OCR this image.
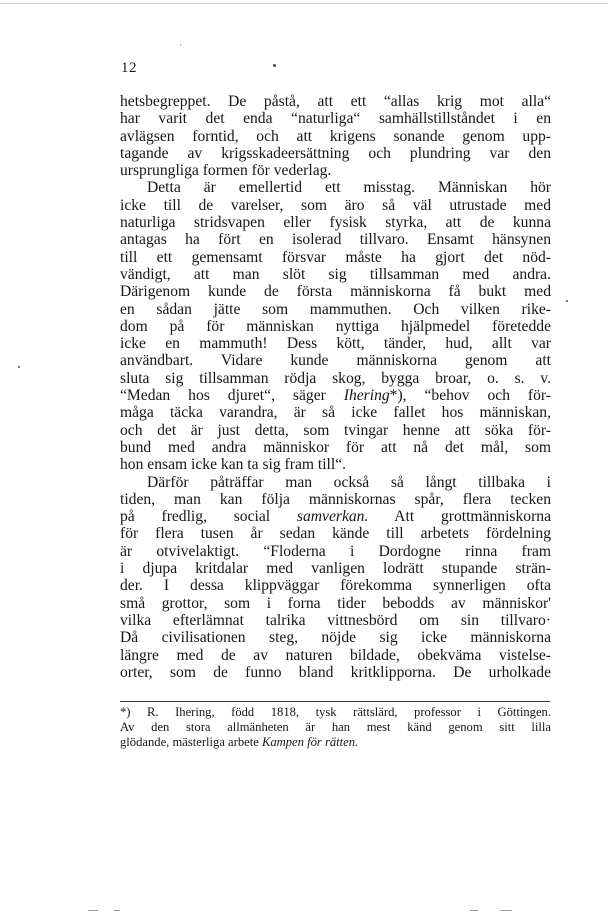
12
hetsbegreppet. De påstå, att ett “allas krig mot alla“
har varit det enda “naturliga“ samhällstillståndet i en
avlägsen forntid, och att krigens sonande genom upp-
tagande av krigsskadeersättning och plundring var den
ursprungliga formen för vederlag.
Detta är emellertid ett misstag. Människan hör
icke till de varelser, som äro så väl utrustade med
naturliga stridsvapen eller fysisk styrka, att de kunna
antagas ha fört en isolerad tillvaro. Ensamt hänsynen
till ett gemensamt försvar måste ha gjort det nöd-
vändigt, att man slöt sig tillsamman med andra.
Därigenom kunde de första människorna få bukt med
en sådan jätte som mammuthen. Och vilken rike-
dom på för människan nyttiga hjälpmedel företedde
icke en mammuth! Dess kött, tänder, hud, allt var
användbart. Vidare kunde människorna genom att
sluta sig tillsamman rödja skog, bygga broar, o. s. v.
“Medan hos djuret“, säger Ihering*), “behov och för-
måga täcka varandra, är så icke fallet hos människan,
och det är just detta, som tvingar henne att söka för-
bund med andra människor för att nå det mål, som
hon ensam icke kan ta sig fram till“.
Därför påträffar man också så långt tillbaka i
tiden, man kan följa människornas spår, flera tecken
på fredlig, social samverkan. Att grottmänniskorna
för flera tusen år sedan kände till arbetets fördelning
är otvivelaktigt. “Floderna i Dordogne rinna fram
i djupa kritdalar med vanligen lodrätt stupande strän-
der. I dessa klippväggar förekomma synnerligen ofta
små grottor, som i forna tider bebodds av människor'
vilka efterlämnat talrika vittnesbörd om sin tillvaro·
Då civilisationen steg, nöjde sig icke människorna
längre med de av naturen bildade, obekväma vistelse-
orter, som de funno bland kritklipporna. De urholkade
*) R. Ihering, född 1818, tysk rättslärd, professor i Göttingen.
Av den stora allmänheten är han mest känd genom sitt lilla
glödande, mästerliga arbete Kampen för rätten.
